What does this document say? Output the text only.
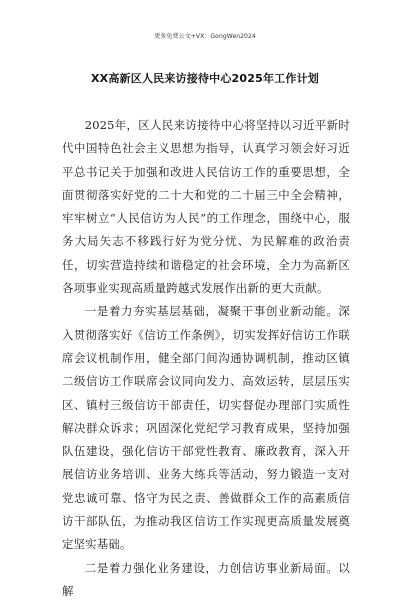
更多免费公文+VX：GongWen2024
XX高新区人民来访接待中心2025年工作计划

2025年，区人民来访接待中心将坚持以习近平新时代中国特色社会主义思想为指导，认真学习领会好习近平总书记关于加强和改进人民信访工作的重要思想，全面贯彻落实好党的二十大和党的二十届三中全会精神，牢牢树立“人民信访为人民”的工作理念，围绕中心，服务大局矢志不移践行好为党分忧、为民解难的政治责任，切实营造持续和谐稳定的社会环境，全力为高新区各项事业实现高质量跨越式发展作出新的更大贡献。

一是着力夯实基层基础，凝聚干事创业新动能。深入贯彻落实好《信访工作条例》，切实发挥好信访工作联席会议机制作用，健全部门间沟通协调机制，推动区镇二级信访工作联席会议同向发力、高效运转，层层压实区、镇村三级信访干部责任，切实督促办理部门实质性解决群众诉求；巩固深化党纪学习教育成果，坚持加强队伍建设，强化信访干部党性教育、廉政教育，深入开展信访业务培训、业务大练兵等活动，努力锻造一支对党忠诚可靠、恪守为民之责、善做群众工作的高素质信访干部队伍，为推动我区信访工作实现更高质量发展奠定坚实基础。

二是着力强化业务建设，力创信访事业新局面。以解
